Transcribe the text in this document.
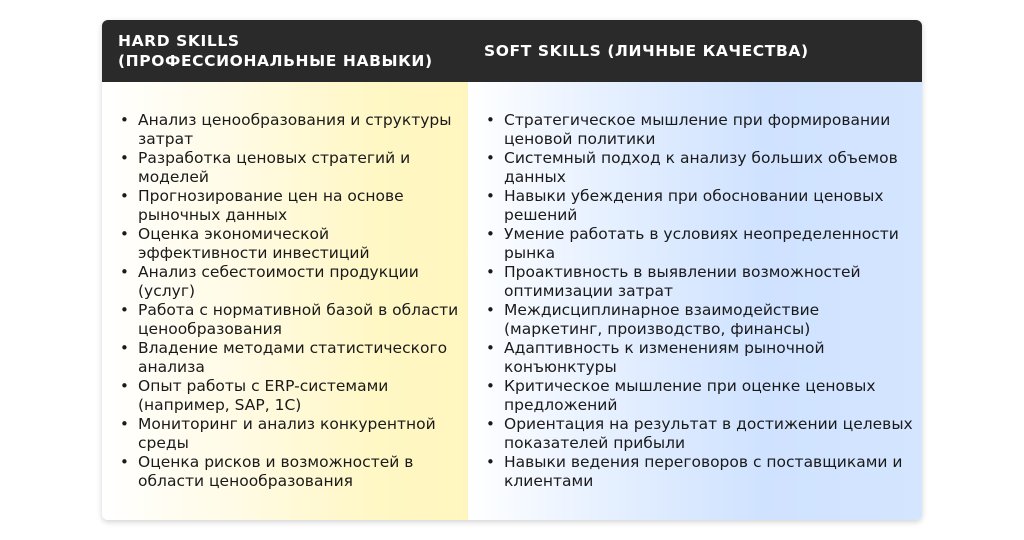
HARD SKILLS
(ПРОФЕССИОНАЛЬНЫЕ НАВЫКИ)
SOFT SKILLS (ЛИЧНЫЕ КАЧЕСТВА)
• Анализ ценообразования и структуры затрат
• Разработка ценовых стратегий и моделей
• Прогнозирование цен на основе рыночных данных
• Оценка экономической эффективности инвестиций
• Анализ себестоимости продукции (услуг)
• Работа с нормативной базой в области ценообразования
• Владение методами статистического анализа
• Опыт работы с ERP-системами (например, SAP, 1С)
• Мониторинг и анализ конкурентной среды
• Оценка рисков и возможностей в области ценообразования
• Стратегическое мышление при формировании ценовой политики
• Системный подход к анализу больших объемов данных
• Навыки убеждения при обосновании ценовых решений
• Умение работать в условиях неопределенности рынка
• Проактивность в выявлении возможностей оптимизации затрат
• Междисциплинарное взаимодействие (маркетинг, производство, финансы)
• Адаптивность к изменениям рыночной конъюнктуры
• Критическое мышление при оценке ценовых предложений
• Ориентация на результат в достижении целевых показателей прибыли
• Навыки ведения переговоров с поставщиками и клиентами
